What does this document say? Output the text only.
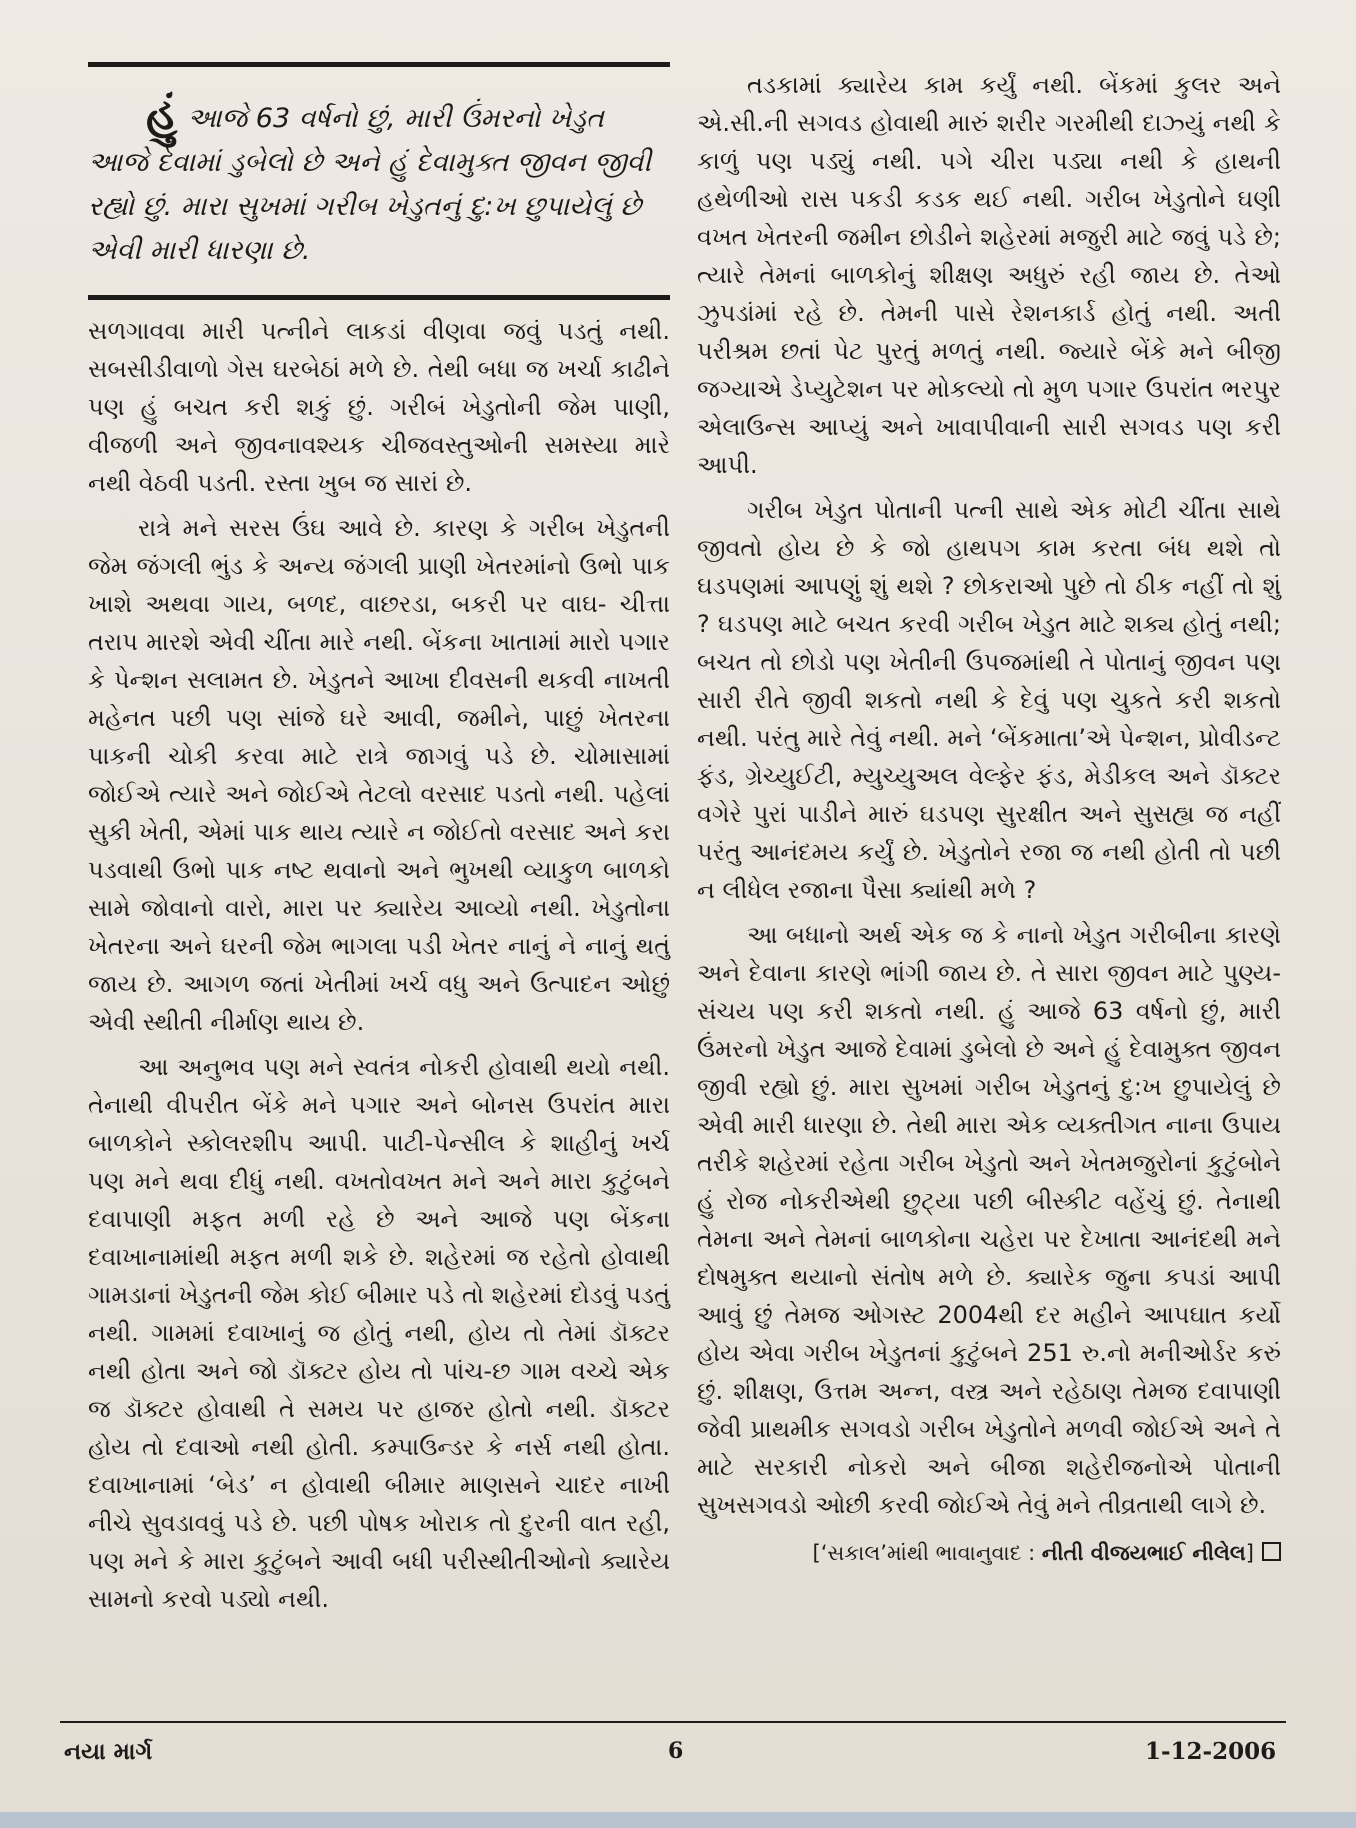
હુંઆજે 63 વર્ષનો છું, મારી ઉંમરનો ખેડુત આજે દેવામાં ડુબેલો છે અને હું દેવામુક્ત જીવન જીવી રહ્યો છું. મારા સુખમાં ગરીબ ખેડુતનું દુ:ખ છુપાયેલું છે એવી મારી ધારણા છે.

સળગાવવા મારી પત્નીને લાકડાં વીણવા જવું પડતું નથી. સબસીડીવાળો ગેસ ઘરબેઠાં મળે છે. તેથી બધા જ ખર્ચા કાઢીને પણ હું બચત કરી શકું છું. ગરીબં ખેડુતોની જેમ પાણી, વીજળી અને જીવનાવશ્યક ચીજવસ્તુઓની સમસ્યા મારે નથી વેઠવી પડતી. રસ્તા ખુબ જ સારાં છે.

રાત્રે મને સરસ ઉંઘ આવે છે. કારણ કે ગરીબ ખેડુતની જેમ જંગલી ભુંડ કે અન્ય જંગલી પ્રાણી ખેતરમાંનો ઉભો પાક ખાશે અથવા ગાય, બળદ, વાછરડા, બકરી પર વાઘ- ચીત્તા તરાપ મારશે એવી ચીંતા મારે નથી. બેંકના ખાતામાં મારો પગાર કે પેન્શન સલામત છે. ખેડુતને આખા દીવસની થકવી નાખતી મહેનત પછી પણ સાંજે ઘરે આવી, જમીને, પાછું ખેતરના પાકની ચોકી કરવા માટે રાત્રે જાગવું પડે છે. ચોમાસામાં જોઈએ ત્યારે અને જોઈએ તેટલો વરસાદ પડતો નથી. પહેલાં સુકી ખેતી, એમાં પાક થાય ત્યારે ન જોઈતો વરસાદ અને કરા પડવાથી ઉભો પાક નષ્ટ થવાનો અને ભુખથી વ્યાકુળ બાળકો સામે જોવાનો વારો, મારા પર ક્યારેય આવ્યો નથી. ખેડુતોના ખેતરના અને ઘરની જેમ ભાગલા પડી ખેતર નાનું ને નાનું થતું જાય છે. આગળ જતાં ખેતીમાં ખર્ચ વધુ અને ઉત્પાદન ઓછું એવી સ્થીતી નીર્માણ થાય છે.

આ અનુભવ પણ મને સ્વતંત્ર નોકરી હોવાથી થયો નથી. તેનાથી વીપરીત બેંકે મને પગાર અને બોનસ ઉપરાંત મારા બાળકોને સ્કોલરશીપ આપી. પાટી-પેન્સીલ કે શાહીનું ખર્ચ પણ મને થવા દીધું નથી. વખતોવખત મને અને મારા કુટુંબને દવાપાણી મફત મળી રહે છે અને આજે પણ બેંકના દવાખાનામાંથી મફત મળી શકે છે. શહેરમાં જ રહેતો હોવાથી ગામડાનાં ખેડુતની જેમ કોઈ બીમાર પડે તો શહેરમાં દોડવું પડતું નથી. ગામમાં દવાખાનું જ હોતું નથી, હોય તો તેમાં ડૉક્ટર નથી હોતા અને જો ડૉક્ટર હોય તો પાંચ-છ ગામ વચ્ચે એક જ ડૉક્ટર હોવાથી તે સમય પર હાજર હોતો નથી. ડૉક્ટર હોય તો દવાઓ નથી હોતી. કમ્પાઉન્ડર કે નર્સ નથી હોતા. દવાખાનામાં ‘બેડ’ ન હોવાથી બીમાર માણસને ચાદર નાખી નીચે સુવડાવવું પડે છે. પછી પોષક ખોરાક તો દુરની વાત રહી, પણ મને કે મારા કુટુંબને આવી બધી પરીસ્થીતીઓનો ક્યારેય સામનો કરવો પડ્યો નથી.

તડકામાં ક્યારેય કામ કર્યું નથી. બેંકમાં કુલર અને એ.સી.ની સગવડ હોવાથી મારું શરીર ગરમીથી દાઝ્યું નથી કે કાળું પણ પડ્યું નથી. પગે ચીરા પડ્યા નથી કે હાથની હથેળીઓ રાસ પકડી કડક થઈ નથી. ગરીબ ખેડુતોને ઘણી વખત ખેતરની જમીન છોડીને શહેરમાં મજુરી માટે જવું પડે છે; ત્યારે તેમનાં બાળકોનું શીક્ષણ અધુરું રહી જાય છે. તેઓ ઝુપડાંમાં રહે છે. તેમની પાસે રેશનકાર્ડ હોતું નથી. અતી પરીશ્રમ છતાં પેટ પુરતું મળતું નથી. જ્યારે બેંકે મને બીજી જગ્યાએ ડેપ્યુટેશન પર મોકલ્યો તો મુળ પગાર ઉપરાંત ભરપુર એલાઉન્સ આપ્યું અને ખાવાપીવાની સારી સગવડ પણ કરી આપી.

ગરીબ ખેડુત પોતાની પત્ની સાથે એક મોટી ચીંતા સાથે જીવતો હોય છે કે જો હાથપગ કામ કરતા બંધ થશે તો ઘડપણમાં આપણું શું થશે ? છોકરાઓ પુછે તો ઠીક નહીં તો શું ? ઘડપણ માટે બચત કરવી ગરીબ ખેડુત માટે શક્ય હોતું નથી; બચત તો છોડો પણ ખેતીની ઉપજમાંથી તે પોતાનું જીવન પણ સારી રીતે જીવી શકતો નથી કે દેવું પણ ચુકતે કરી શકતો નથી. પરંતુ મારે તેવું નથી. મને ‘બેંકમાતા’એ પેન્શન, પ્રોવીડન્ટ ફંડ, ગ્રેચ્યુઈટી, મ્યુચ્યુઅલ વેલ્ફેર ફંડ, મેડીકલ અને ડૉક્ટર વગેરે પુરાં પાડીને મારું ઘડપણ સુરક્ષીત અને સુસહ્ય જ નહીં પરંતુ આનંદમય કર્યું છે. ખેડુતોને રજા જ નથી હોતી તો પછી ન લીધેલ રજાના પૈસા ક્યાંથી મળે ?

આ બધાનો અર્થ એક જ કે નાનો ખેડુત ગરીબીના કારણે અને દેવાના કારણે ભાંગી જાય છે. તે સારા જીવન માટે પુણ્ય-સંચય પણ કરી શકતો નથી. હું આજે 63 વર્ષનો છું, મારી ઉંમરનો ખેડુત આજે દેવામાં ડુબેલો છે અને હું દેવામુક્ત જીવન જીવી રહ્યો છું. મારા સુખમાં ગરીબ ખેડુતનું દુ:ખ છુપાયેલું છે એવી મારી ધારણા છે. તેથી મારા એક વ્યક્તીગત નાના ઉપાય તરીકે શહેરમાં રહેતા ગરીબ ખેડુતો અને ખેતમજુરોનાં કુટુંબોને હું રોજ નોકરીએથી છુટ્યા પછી બીસ્કીટ વહેંચું છું. તેનાથી તેમના અને તેમનાં બાળકોના ચહેરા પર દેખાતા આનંદથી મને દોષમુક્ત થયાનો સંતોષ મળે છે. ક્યારેક જુના કપડાં આપી આવું છું તેમજ ઓગસ્ટ 2004થી દર મહીને આપઘાત કર્યો હોય એવા ગરીબ ખેડુતનાં કુટુંબને 251 રુ.નો મનીઓર્ડર કરું છું. શીક્ષણ, ઉત્તમ અન્ન, વસ્ત્ર અને રહેઠાણ તેમજ દવાપાણી જેવી પ્રાથમીક સગવડો ગરીબ ખેડુતોને મળવી જોઈએ અને તે માટે સરકારી નોકરો અને બીજા શહેરીજનોએ પોતાની સુખસગવડો ઓછી કરવી જોઈએ તેવું મને તીવ્રતાથી લાગે છે.

[‘સકાલ’માંથી ભાવાનુવાદ : નીતી વીજયભાઈ નીલેલ]
નયા માર્ગ	6	1-12-2006
